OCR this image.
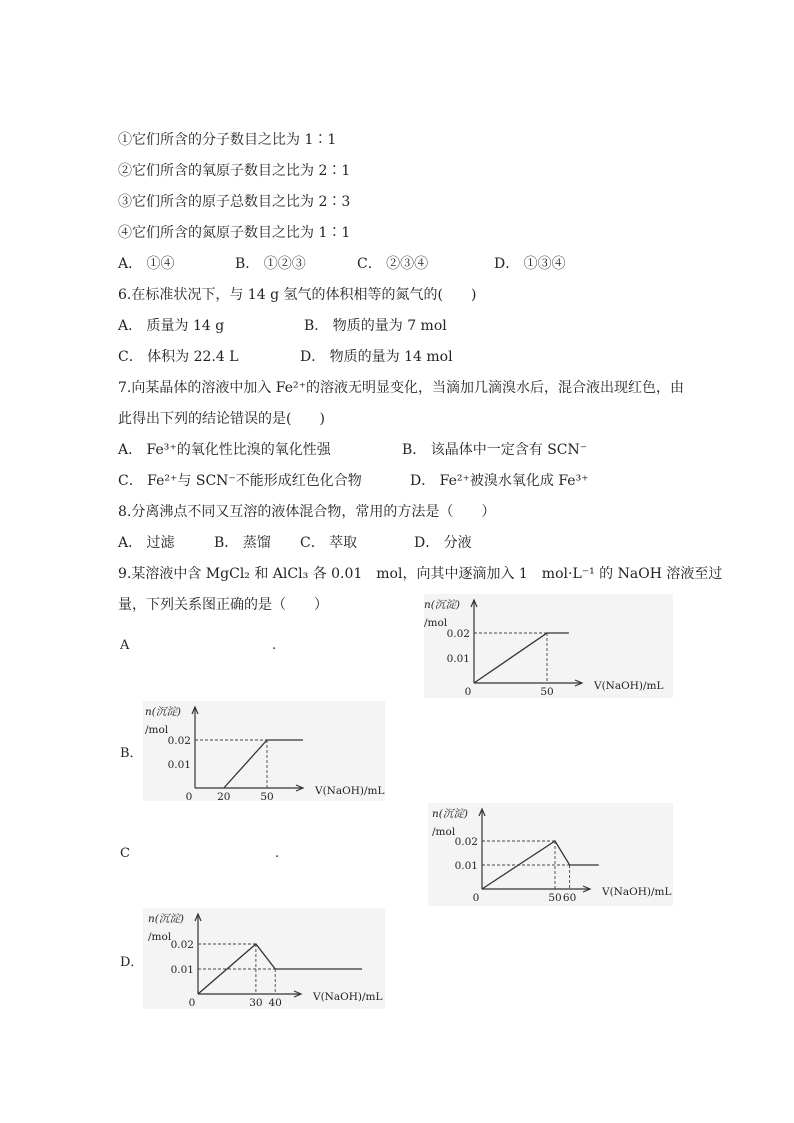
①它们所含的分子数目之比为 1∶1
②它们所含的氧原子数目之比为 2∶1
③它们所含的原子总数目之比为 2∶3
④它们所含的氮原子数目之比为 1∶1
A． ①④	B． ①②③	C． ②③④	D． ①③④
6.在标准状况下，与 14 g 氢气的体积相等的氮气的(　　)
A． 质量为 14 g	B． 物质的量为 7 mol
C． 体积为 22.4 L	D． 物质的量为 14 mol
7.向某晶体的溶液中加入 Fe²⁺的溶液无明显变化，当滴加几滴溴水后，混合液出现红色，由
此得出下列的结论错误的是(　　)
A． Fe³⁺的氧化性比溴的氧化性强	B． 该晶体中一定含有 SCN⁻
C． Fe²⁺与 SCN⁻不能形成红色化合物	D． Fe²⁺被溴水氧化成 Fe³⁺
8.分离沸点不同又互溶的液体混合物，常用的方法是（　　）
A． 过滤	B． 蒸馏 C． 萃取	D． 分液
9.某溶液中含 MgCl₂ 和 AlCl₃ 各 0.01　mol，向其中逐滴加入 1　mol·L⁻¹ 的 NaOH 溶液至过
量，下列关系图正确的是（　　）
A	.
B．
C	.
D．
n(沉淀)
/mol
V(NaOH)/mL
0
0.02
0.01
50
n(沉淀)
/mol
V(NaOH)/mL
0
0.02
0.01
20	50
n(沉淀)
/mol
V(NaOH)/mL
0
0.02
0.01
50 60
n(沉淀)
/mol
V(NaOH)/mL
0
0.02
0.01
30 40
